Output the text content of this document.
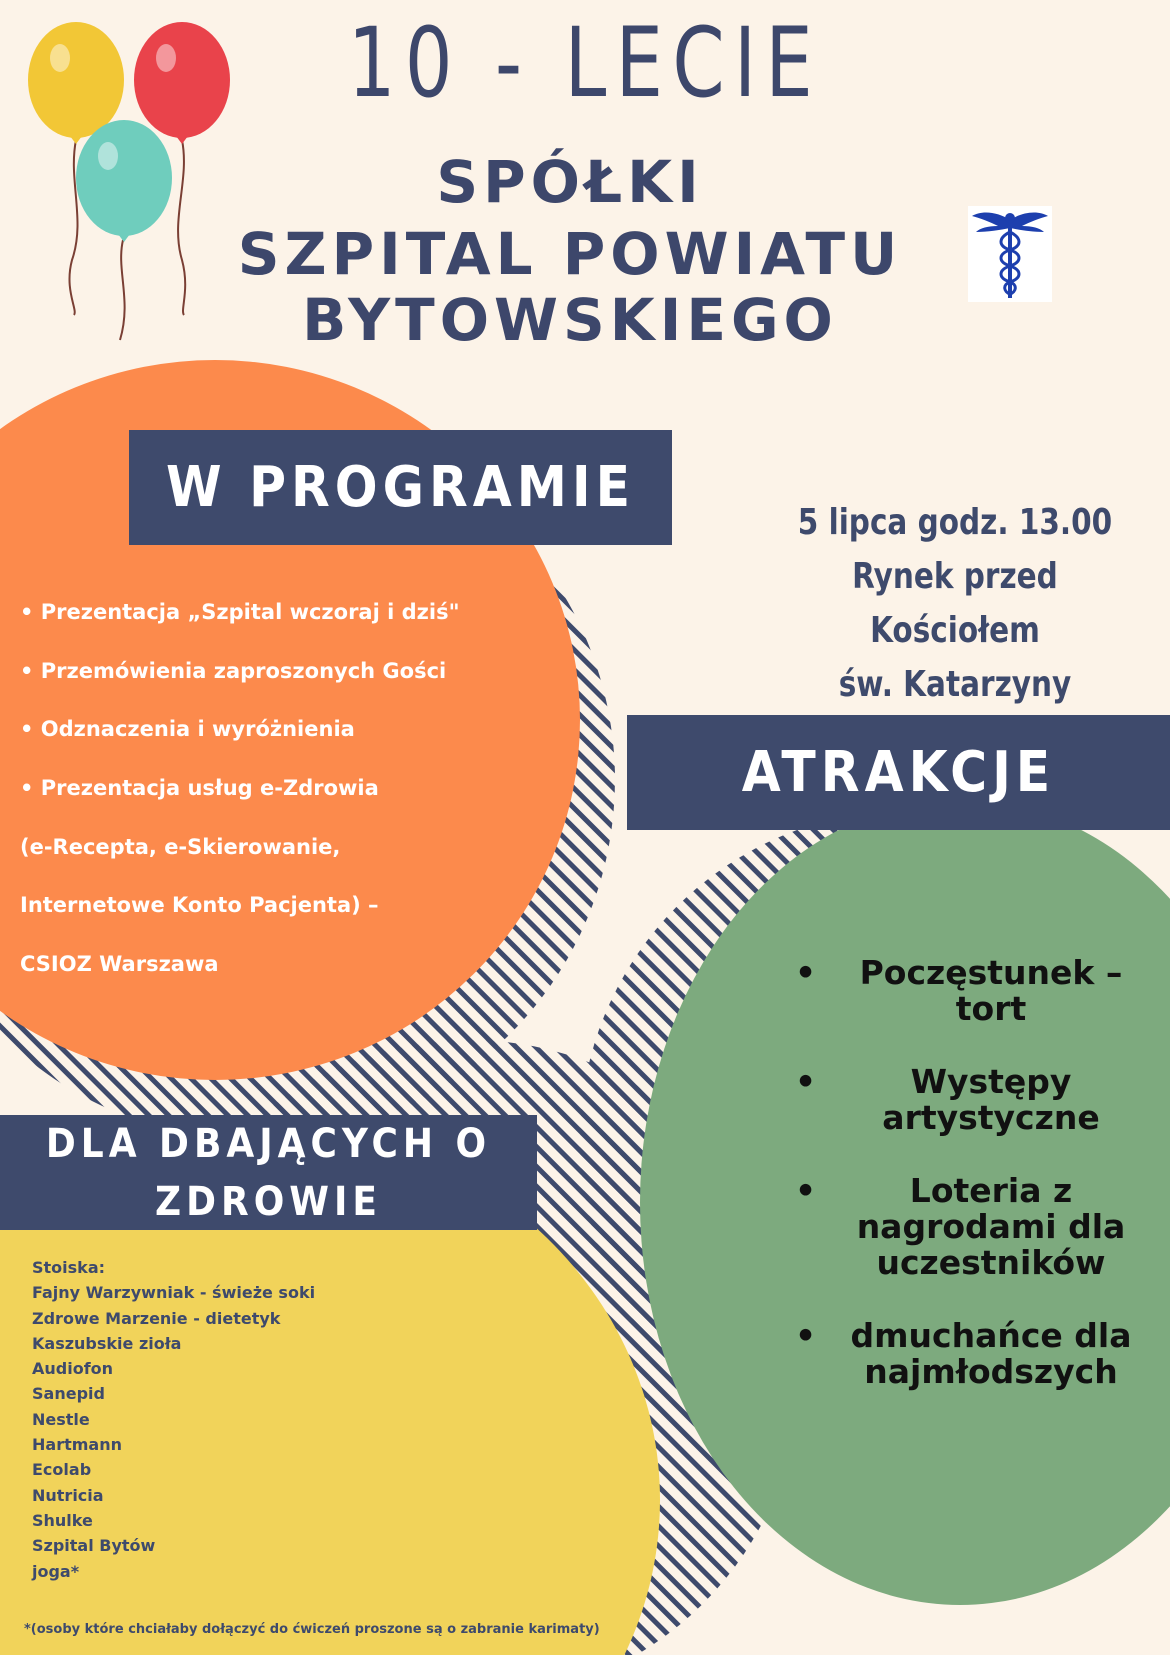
10 - LECIE
SPÓŁKI
SZPITAL POWIATU
BYTOWSKIEGO
W PROGRAMIE
• Prezentacja „Szpital wczoraj i dziś"
• Przemówienia zaproszonych Gości
• Odznaczenia i wyróżnienia
• Prezentacja usług e-Zdrowia
(e-Recepta, e-Skierowanie,
Internetowe Konto Pacjenta) –
CSIOZ Warszawa
5 lipca godz. 13.00
Rynek przed Kościołem
św. Katarzyny
ATRAKCJE
• Poczęstunek – tort
•	Występy artystyczne
•	Loteria z nagrodami dla uczestników
• dmuchańce dla najmłodszych
DLA DBAJĄCYCH O
ZDROWIE
Stoiska:
Fajny Warzywniak - świeże soki
Zdrowe Marzenie - dietetyk
Kaszubskie zioła
Audiofon
Sanepid
Nestle
Hartmann
Ecolab
Nutricia
Shulke
Szpital Bytów
joga*
*(osoby które chciałaby dołączyć do ćwiczeń proszone są o zabranie karimaty)
